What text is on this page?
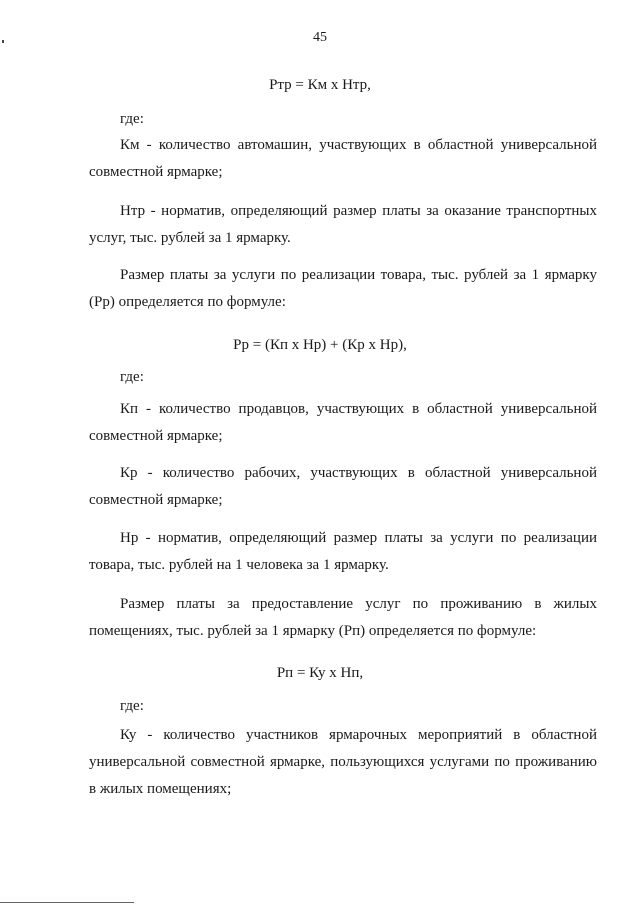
45
Ртр = Км х Нтр,
где:

Км - количество автомашин, участвующих в областной универсальной совместной ярмарке;

Нтр - норматив, определяющий размер платы за оказание транспортных услуг, тыс. рублей за 1 ярмарку.

Размер платы за услуги по реализации товара, тыс. рублей за 1 ярмарку (Рр) определяется по формуле:

Рр = (Кп х Нр) + (Кр х Нр),
где:

Кп - количество продавцов, участвующих в областной универсальной совместной ярмарке;

Кр - количество рабочих, участвующих в областной универсальной совместной ярмарке;

Нр - норматив, определяющий размер платы за услуги по реализации товара, тыс. рублей на 1 человека за 1 ярмарку.

Размер платы за предоставление услуг по проживанию в жилых помещениях, тыс. рублей за 1 ярмарку (Рп) определяется по формуле:

Рп = Ку х Нп,
где:

Ку - количество участников ярмарочных мероприятий в областной универсальной совместной ярмарке, пользующихся услугами по проживанию в жилых помещениях;
